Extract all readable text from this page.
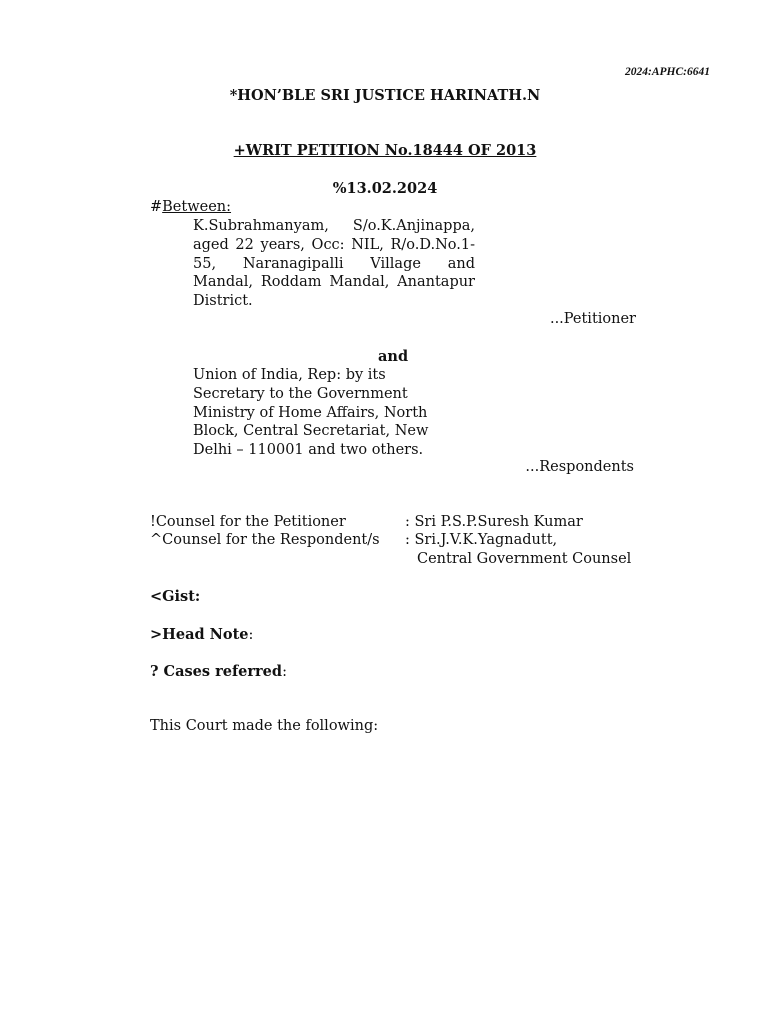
2024:APHC:6641
*HON’BLE SRI JUSTICE HARINATH.N
+WRIT PETITION No.18444 OF 2013
%13.02.2024
#Between:
K.Subrahmanyam, S/o.K.Anjinappa,
aged 22 years, Occ: NIL, R/o.D.No.1-
55, Naranagipalli Village and
Mandal, Roddam Mandal, Anantapur
District.
...Petitioner
and
Union of India, Rep: by its
Secretary to the Government
Ministry of Home Affairs, North
Block, Central Secretariat, New
Delhi – 110001 and two others.
...Respondents
!Counsel for the Petitioner	: Sri P.S.P.Suresh Kumar
^Counsel for the Respondent/s : Sri.J.V.K.Yagnadutt,
Central Government Counsel
<Gist:
>Head Note:
? Cases referred:
This Court made the following:
